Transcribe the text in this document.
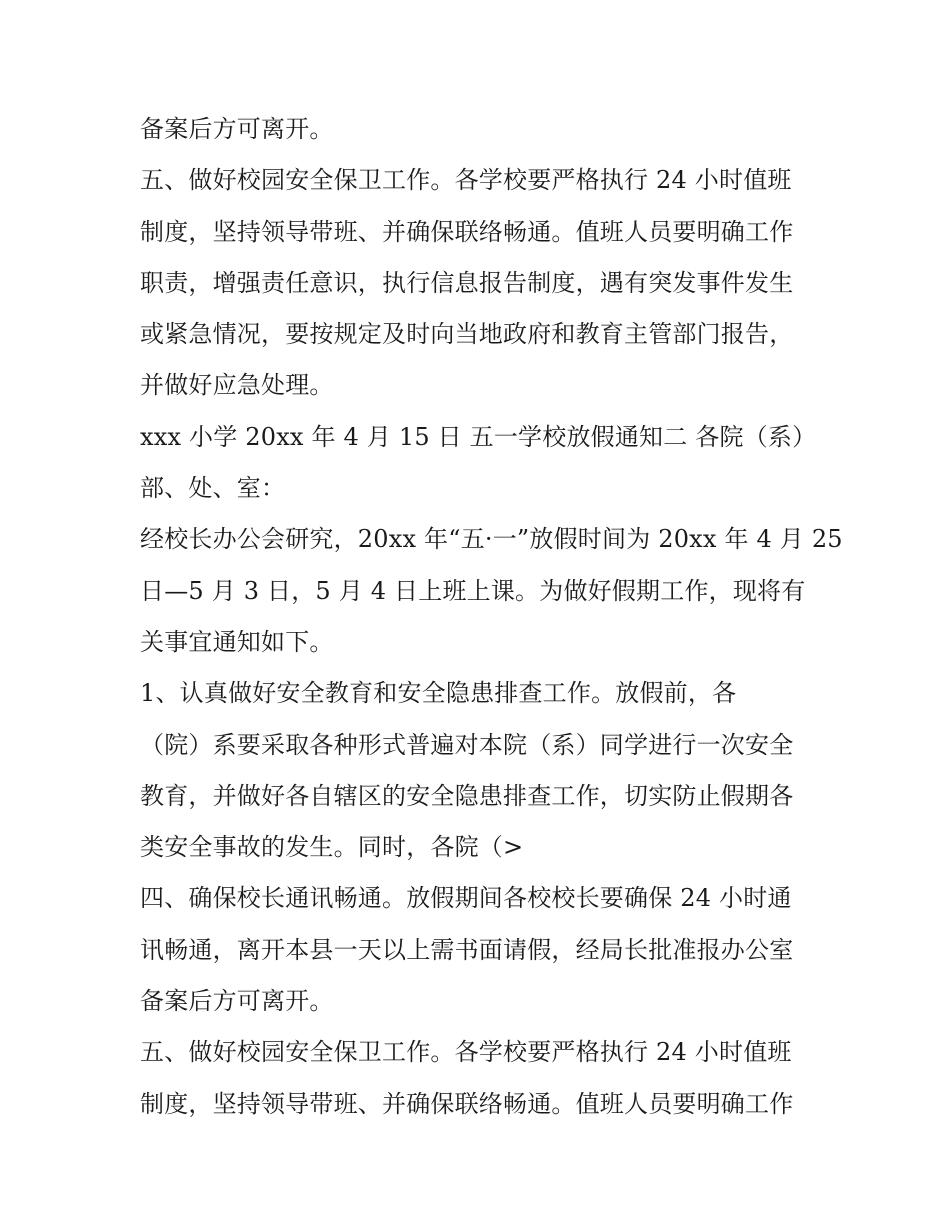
备案后方可离开。
五、做好校园安全保卫工作。各学校要严格执行 24 小时值班
制度，坚持领导带班、并确保联络畅通。值班人员要明确工作
职责，增强责任意识，执行信息报告制度，遇有突发事件发生
或紧急情况，要按规定及时向当地政府和教育主管部门报告，
并做好应急处理。
xxx 小学 20xx 年 4 月 15 日 五一学校放假通知二 各院（系）
部、处、室：
经校长办公会研究，20xx 年“五·一”放假时间为 20xx 年 4 月 25
日—5 月 3 日，5 月 4 日上班上课。为做好假期工作，现将有
关事宜通知如下。
1、认真做好安全教育和安全隐患排查工作。放假前，各
（院）系要采取各种形式普遍对本院（系）同学进行一次安全
教育，并做好各自辖区的安全隐患排查工作，切实防止假期各
类安全事故的发生。同时，各院（>
四、确保校长通讯畅通。放假期间各校校长要确保 24 小时通
讯畅通，离开本县一天以上需书面请假，经局长批准报办公室
备案后方可离开。
五、做好校园安全保卫工作。各学校要严格执行 24 小时值班
制度，坚持领导带班、并确保联络畅通。值班人员要明确工作
